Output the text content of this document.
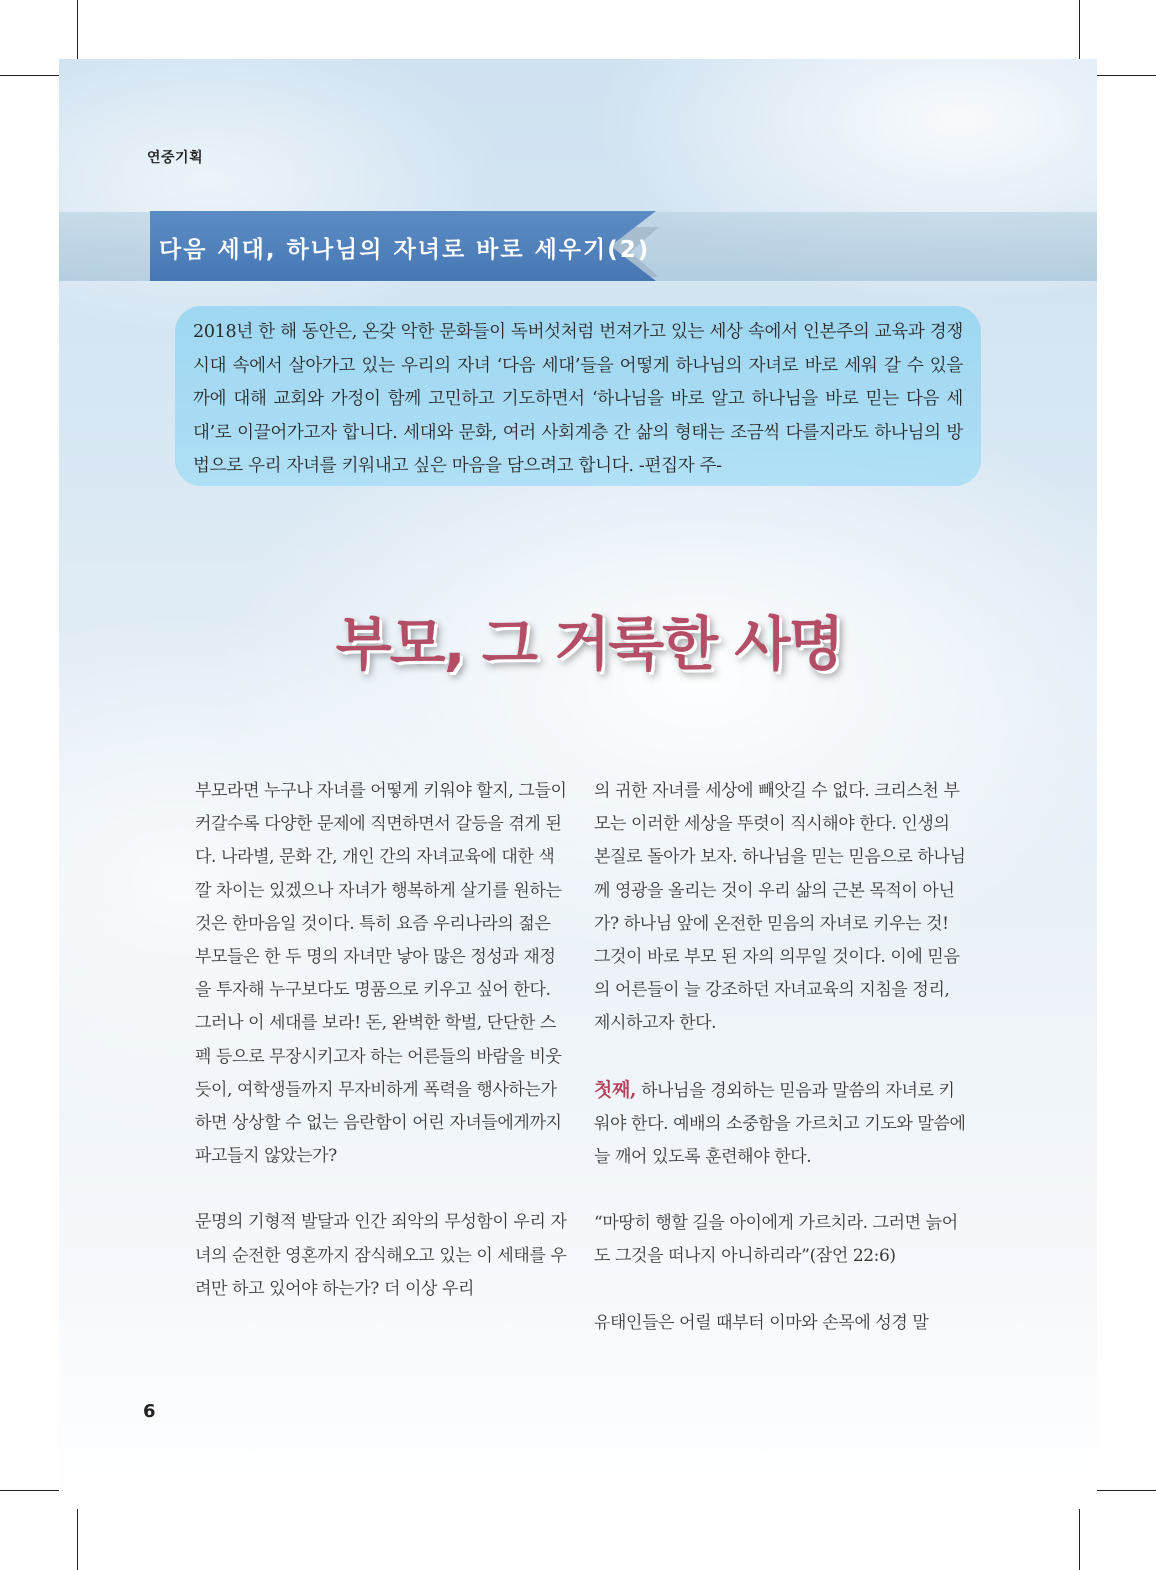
연중기획
다음 세대, 하나님의 자녀로 바로 세우기(2)
2018년 한 해 동안은, 온갖 악한 문화들이 독버섯처럼 번져가고 있는 세상 속에서 인본주의 교육과 경쟁 시대 속에서 살아가고 있는 우리의 자녀 ‘다음 세대’들을 어떻게 하나님의 자녀로 바로 세워 갈 수 있을까에 대해 교회와 가정이 함께 고민하고 기도하면서 ‘하나님을 바로 알고 하나님을 바로 믿는 다음 세대’로 이끌어가고자 합니다. 세대와 문화, 여러 사회계층 간 삶의 형태는 조금씩 다를지라도 하나님의 방법으로 우리 자녀를 키워내고 싶은 마음을 담으려고 합니다. -편집자 주-
부모, 그 거룩한 사명

부모라면 누구나 자녀를 어떻게 키워야 할지, 그들이 커갈수록 다양한 문제에 직면하면서 갈등을 겪게 된다. 나라별, 문화 간, 개인 간의 자녀교육에 대한 색깔 차이는 있겠으나 자녀가 행복하게 살기를 원하는 것은 한마음일 것이다. 특히 요즘 우리나라의 젊은 부모들은 한 두 명의 자녀만 낳아 많은 정성과 재정을 투자해 누구보다도 명품으로 키우고 싶어 한다. 그러나 이 세대를 보라! 돈, 완벽한 학벌, 단단한 스펙 등으로 무장시키고자 하는 어른들의 바람을 비웃듯이, 여학생들까지 무자비하게 폭력을 행사하는가 하면 상상할 수 없는 음란함이 어린 자녀들에게까지 파고들지 않았는가?

문명의 기형적 발달과 인간 죄악의 무성함이 우리 자녀의 순전한 영혼까지 잠식해오고 있는 이 세태를 우려만 하고 있어야 하는가? 더 이상 우리

의 귀한 자녀를 세상에 빼앗길 수 없다. 크리스천 부모는 이러한 세상을 뚜렷이 직시해야 한다. 인생의 본질로 돌아가 보자. 하나님을 믿는 믿음으로 하나님께 영광을 올리는 것이 우리 삶의 근본 목적이 아닌가? 하나님 앞에 온전한 믿음의 자녀로 키우는 것! 그것이 바로 부모 된 자의 의무일 것이다. 이에 믿음의 어른들이 늘 강조하던 자녀교육의 지침을 정리, 제시하고자 한다.

첫째, 하나님을 경외하는 믿음과 말씀의 자녀로 키워야 한다. 예배의 소중함을 가르치고 기도와 말씀에 늘 깨어 있도록 훈련해야 한다.

“마땅히 행할 길을 아이에게 가르치라. 그러면 늙어도 그것을 떠나지 아니하리라”(잠언 22:6)

유태인들은 어릴 때부터 이마와 손목에 성경 말

6
